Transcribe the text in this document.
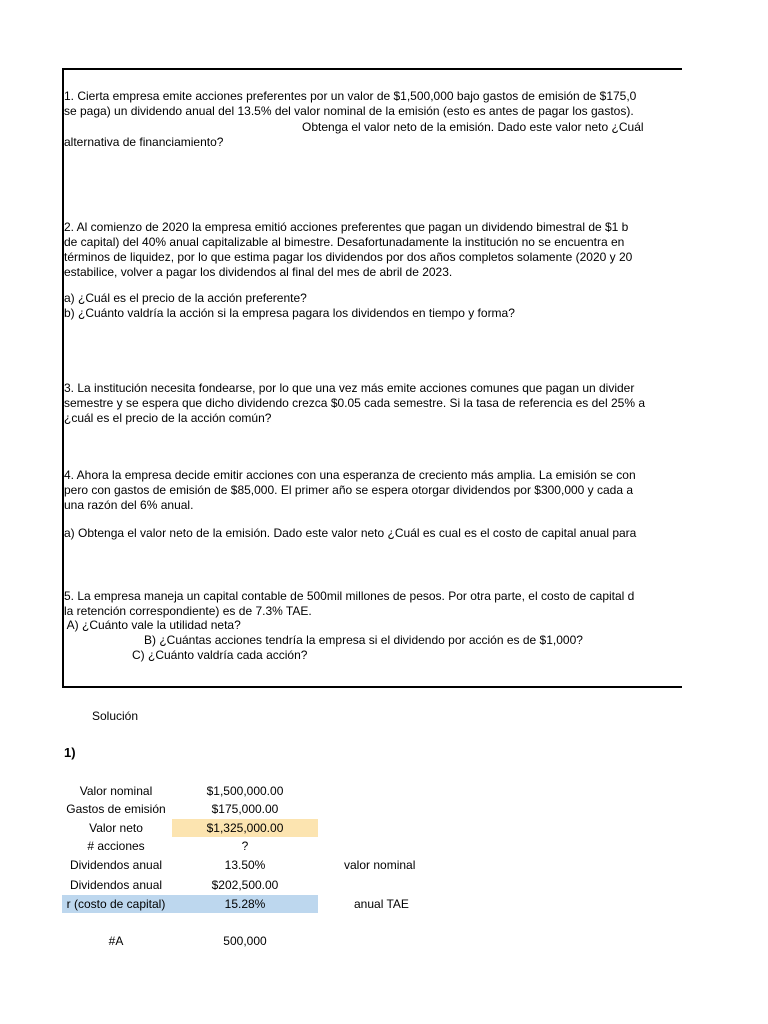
1. Cierta empresa emite acciones preferentes por un valor de $1,500,000 bajo gastos de emisión de $175,0
se paga) un dividendo anual del 13.5% del valor nominal de la emisión (esto es antes de pagar los gastos).
Obtenga el valor neto de la emisión. Dado este valor neto ¿Cuál
alternativa de financiamiento?
2. Al comienzo de 2020 la empresa emitió acciones preferentes que pagan un dividendo bimestral de $1 b
de capital) del 40% anual capitalizable al bimestre. Desafortunadamente la institución no se encuentra en
términos de liquidez, por lo que estima pagar los dividendos por dos años completos solamente (2020 y 20
estabilice, volver a pagar los dividendos al final del mes de abril de 2023.
a) ¿Cuál es el precio de la acción preferente?
b) ¿Cuánto valdría la acción si la empresa pagara los dividendos en tiempo y forma?
3. La institución necesita fondearse, por lo que una vez más emite acciones comunes que pagan un divider
semestre y se espera que dicho dividendo crezca $0.05 cada semestre. Si la tasa de referencia es del 25% a
¿cuál es el precio de la acción común?
4. Ahora la empresa decide emitir acciones con una esperanza de creciento más amplia. La emisión se con
pero con gastos de emisión de $85,000. El primer año se espera otorgar dividendos por $300,000 y cada a
una razón del 6% anual.
a) Obtenga el valor neto de la emisión. Dado este valor neto ¿Cuál es cual es el costo de capital anual para
5. La empresa maneja un capital contable de 500mil millones de pesos. Por otra parte, el costo de capital d
la retención correspondiente) es de 7.3% TAE.
A) ¿Cuánto vale la utilidad neta?
B) ¿Cuántas acciones tendría la empresa si el dividendo por acción es de $1,000?
C) ¿Cuánto valdría cada acción?
Solución
1)
Valor nominal	$1,500,000.00
Gastos de emisión	$175,000.00
Valor neto	$1,325,000.00
# acciones	?
Dividendos anual	13.50%	valor nominal
Dividendos anual	$202,500.00
r (costo de capital)	15.28%	anual TAE
#A	500,000
